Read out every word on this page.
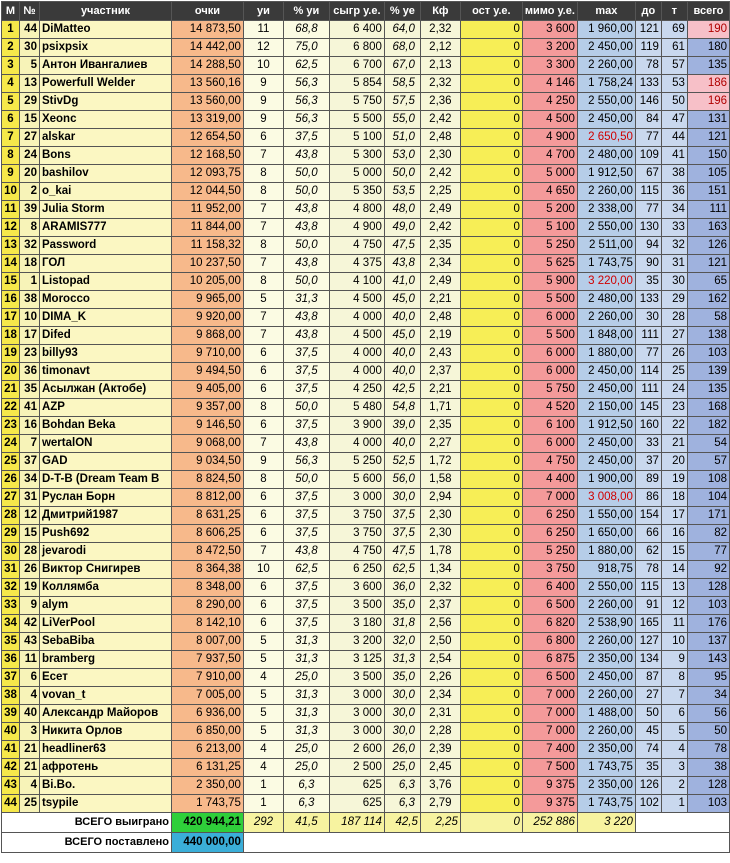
М	№	участник	очки	уи	% уи	сыгр у.е.	% уе	Кф	ост у.е.	мимо у.е.	max	до	т	всего
1	44	DiMatteo	14 873,50	11	68,8	6 400	64,0	2,32	0	3 600	1 960,00	121	69	190
2	30	psixpsix	14 442,00	12	75,0	6 800	68,0	2,12	0	3 200	2 450,00	119	61	180
3	5	Антон Ивангалиев	14 288,50	10	62,5	6 700	67,0	2,13	0	3 300	2 260,00	78	57	135
4	13	Powerfull Welder	13 560,16	9	56,3	5 854	58,5	2,32	0	4 146	1 758,24	133	53	186
5	29	StivDg	13 560,00	9	56,3	5 750	57,5	2,36	0	4 250	2 550,00	146	50	196
6	15	Xeonc	13 319,00	9	56,3	5 500	55,0	2,42	0	4 500	2 450,00	84	47	131
7	27	alskar	12 654,50	6	37,5	5 100	51,0	2,48	0	4 900	2 650,50	77	44	121
8	24	Bons	12 168,50	7	43,8	5 300	53,0	2,30	0	4 700	2 480,00	109	41	150
9	20	bashilov	12 093,75	8	50,0	5 000	50,0	2,42	0	5 000	1 912,50	67	38	105
10	2	o_kai	12 044,50	8	50,0	5 350	53,5	2,25	0	4 650	2 260,00	115	36	151
11	39	Julia Storm	11 952,00	7	43,8	4 800	48,0	2,49	0	5 200	2 338,00	77	34	111
12	8	ARAMIS777	11 844,00	7	43,8	4 900	49,0	2,42	0	5 100	2 550,00	130	33	163
13	32	Password	11 158,32	8	50,0	4 750	47,5	2,35	0	5 250	2 511,00	94	32	126
14	18	ГОЛ	10 237,50	7	43,8	4 375	43,8	2,34	0	5 625	1 743,75	90	31	121
15	1	Listopad	10 205,00	8	50,0	4 100	41,0	2,49	0	5 900	3 220,00	35	30	65
16	38	Morocco	9 965,00	5	31,3	4 500	45,0	2,21	0	5 500	2 480,00	133	29	162
17	10	DIMA_K	9 920,00	7	43,8	4 000	40,0	2,48	0	6 000	2 260,00	30	28	58
18	17	Difed	9 868,00	7	43,8	4 500	45,0	2,19	0	5 500	1 848,00	111	27	138
19	23	billy93	9 710,00	6	37,5	4 000	40,0	2,43	0	6 000	1 880,00	77	26	103
20	36	timonavt	9 494,50	6	37,5	4 000	40,0	2,37	0	6 000	2 450,00	114	25	139
21	35	Асылжан (Актобе)	9 405,00	6	37,5	4 250	42,5	2,21	0	5 750	2 450,00	111	24	135
22	41	AZP	9 357,00	8	50,0	5 480	54,8	1,71	0	4 520	2 150,00	145	23	168
23	16	Bohdan Beka	9 146,50	6	37,5	3 900	39,0	2,35	0	6 100	1 912,50	160	22	182
24	7	wertalON	9 068,00	7	43,8	4 000	40,0	2,27	0	6 000	2 450,00	33	21	54
25	37	GAD	9 034,50	9	56,3	5 250	52,5	1,72	0	4 750	2 450,00	37	20	57
26	34	D-T-B (Dream Team B	8 824,50	8	50,0	5 600	56,0	1,58	0	4 400	1 900,00	89	19	108
27	31	Руслан Борн	8 812,00	6	37,5	3 000	30,0	2,94	0	7 000	3 008,00	86	18	104
28	12	Дмитрий1987	8 631,25	6	37,5	3 750	37,5	2,30	0	6 250	1 550,00	154	17	171
29	15	Push692	8 606,25	6	37,5	3 750	37,5	2,30	0	6 250	1 650,00	66	16	82
30	28	jevarodi	8 472,50	7	43,8	4 750	47,5	1,78	0	5 250	1 880,00	62	15	77
31	26	Виктор Снигирев	8 364,38	10	62,5	6 250	62,5	1,34	0	3 750	918,75	78	14	92
32	19	Коллямба	8 348,00	6	37,5	3 600	36,0	2,32	0	6 400	2 550,00	115	13	128
33	9	alym	8 290,00	6	37,5	3 500	35,0	2,37	0	6 500	2 260,00	91	12	103
34	42	LiVerPool	8 142,10	6	37,5	3 180	31,8	2,56	0	6 820	2 538,90	165	11	176
35	43	SebaBiba	8 007,00	5	31,3	3 200	32,0	2,50	0	6 800	2 260,00	127	10	137
36	11	bramberg	7 937,50	5	31,3	3 125	31,3	2,54	0	6 875	2 350,00	134	9	143
37	6	Есет	7 910,00	4	25,0	3 500	35,0	2,26	0	6 500	2 450,00	87	8	95
38	4	vovan_t	7 005,00	5	31,3	3 000	30,0	2,34	0	7 000	2 260,00	27	7	34
39	40	Александр Майоров	6 936,00	5	31,3	3 000	30,0	2,31	0	7 000	1 488,00	50	6	56
40	3	Никита Орлов	6 850,00	5	31,3	3 000	30,0	2,28	0	7 000	2 260,00	45	5	50
41	21	headliner63	6 213,00	4	25,0	2 600	26,0	2,39	0	7 400	2 350,00	74	4	78
42	21	афротень	6 131,25	4	25,0	2 500	25,0	2,45	0	7 500	1 743,75	35	3	38
43	4	Bi.Bo.	2 350,00	1	6,3	625	6,3	3,76	0	9 375	2 350,00	126	2	128
44	25	tsypile	1 743,75	1	6,3	625	6,3	2,79	0	9 375	1 743,75	102	1	103
ВСЕГО выиграно			420 944,21	292	41,5	187 114	42,5	2,25	0	252 886	3 220			
ВСЕГО поставлено			440 000,00											
